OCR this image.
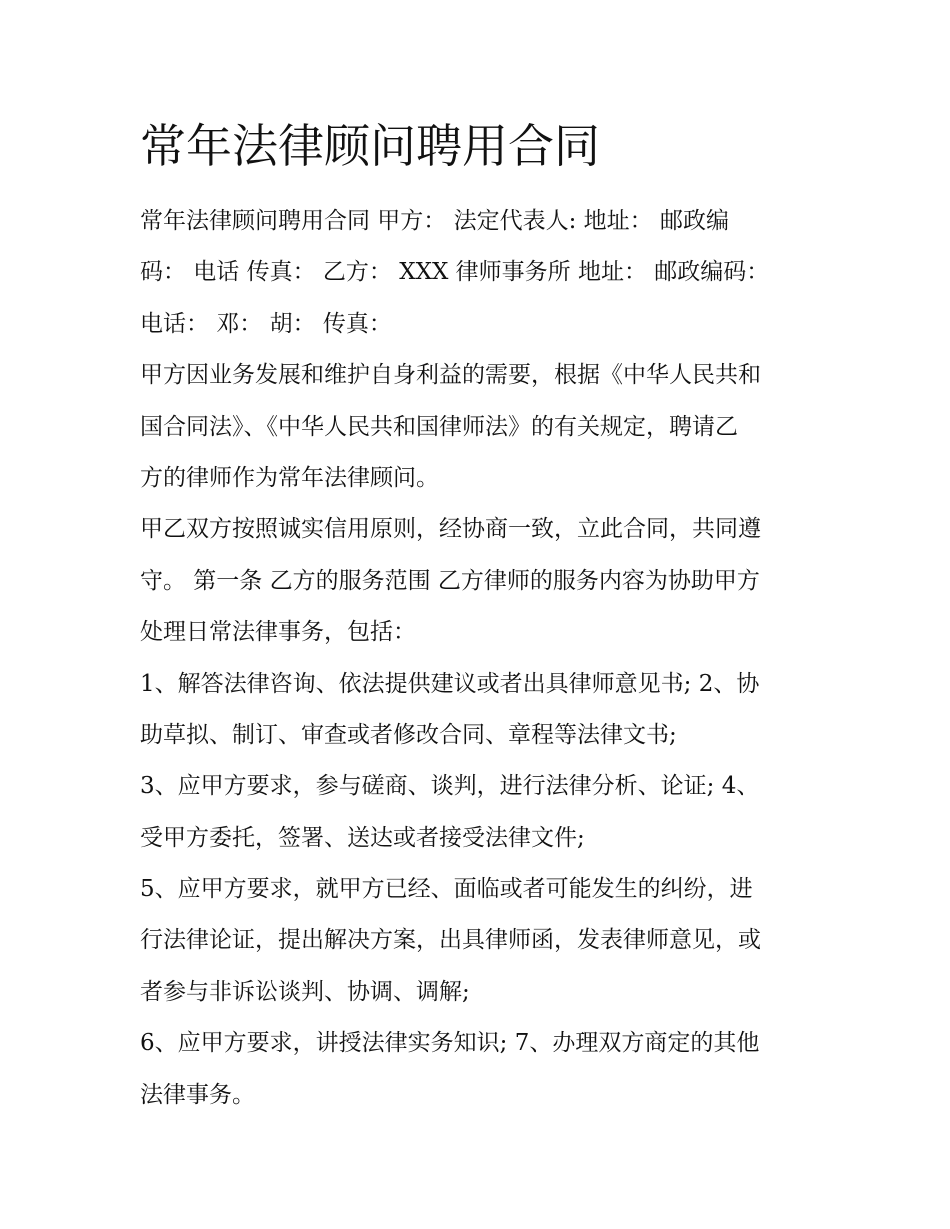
常年法律顾问聘用合同

常年法律顾问聘用合同 甲方： 法定代表人: 地址： 邮政编
码： 电话 传真： 乙方： XXX 律师事务所 地址： 邮政编码：
电话： 邓： 胡： 传真：

甲方因业务发展和维护自身利益的需要，根据《中华人民共和
国合同法》、《中华人民共和国律师法》的有关规定，聘请乙
方的律师作为常年法律顾问。

甲乙双方按照诚实信用原则，经协商一致，立此合同，共同遵
守。 第一条 乙方的服务范围 乙方律师的服务内容为协助甲方
处理日常法律事务，包括：

1、解答法律咨询、依法提供建议或者出具律师意见书; 2、协
助草拟、制订、审查或者修改合同、章程等法律文书;

3、应甲方要求，参与磋商、谈判，进行法律分析、论证; 4、
受甲方委托，签署、送达或者接受法律文件;

5、应甲方要求，就甲方已经、面临或者可能发生的纠纷，进
行法律论证，提出解决方案，出具律师函，发表律师意见，或
者参与非诉讼谈判、协调、调解;

6、应甲方要求，讲授法律实务知识; 7、办理双方商定的其他
法律事务。
